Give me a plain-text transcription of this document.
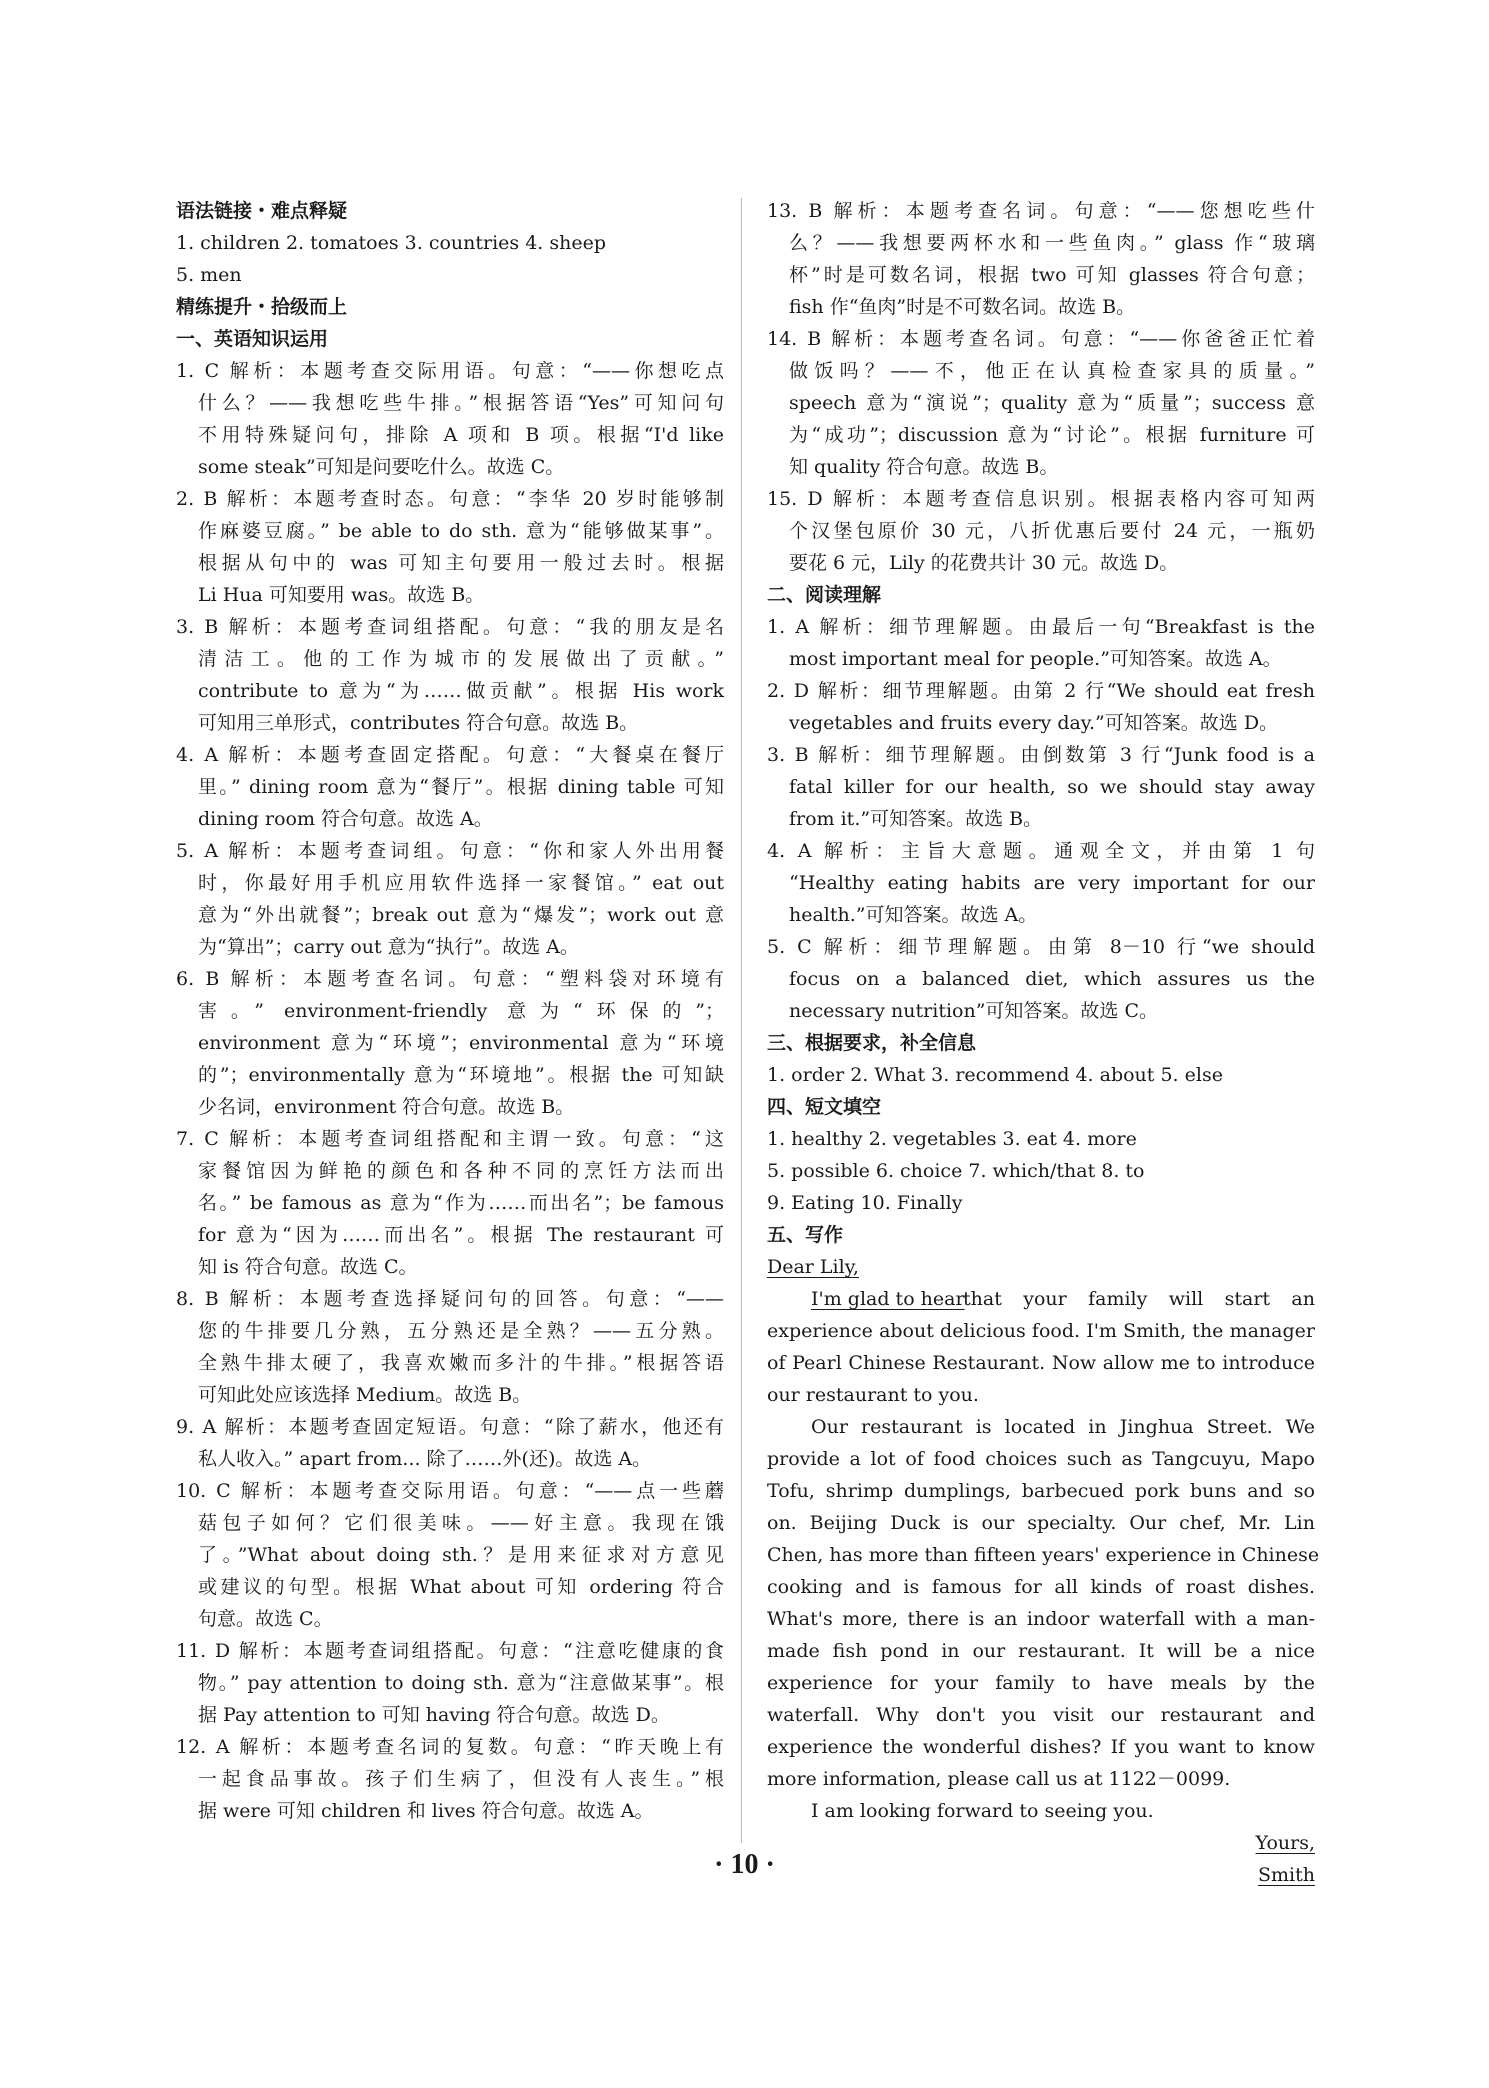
· 10 ·
语法链接・难点释疑
1. children 2. tomatoes 3. countries 4. sheep
5. men
精练提升・拾级而上
一、英语知识运用
1. C 解析：本题考查交际用语。句意：“——你想吃点
什么？——我想吃些牛排。”根据答语“Yes”可知问句
不用特殊疑问句，排除 A 项和 B 项。根据“I'd like
some steak”可知是问要吃什么。故选 C。
2. B 解析：本题考查时态。句意：“李华 20 岁时能够制
作麻婆豆腐。” be able to do sth. 意为“能够做某事”。
根据从句中的 was 可知主句要用一般过去时。根据
Li Hua 可知要用 was。故选 B。
3. B 解析：本题考查词组搭配。句意：“我的朋友是名
清洁工。他的工作为城市的发展做出了贡献。”
contribute to 意为“为……做贡献”。根据 His work
可知用三单形式，contributes 符合句意。故选 B。
4. A 解析：本题考查固定搭配。句意：“大餐桌在餐厅
里。” dining room 意为“餐厅”。根据 dining table 可知
dining room 符合句意。故选 A。
5. A 解析：本题考查词组。句意：“你和家人外出用餐
时，你最好用手机应用软件选择一家餐馆。” eat out
意为“外出就餐”；break out 意为“爆发”；work out 意
为“算出”；carry out 意为“执行”。故选 A。
6. B 解析：本题考查名词。句意：“塑料袋对环境有
害。” environment-friendly 意为“环保的”；
environment 意为“环境”；environmental 意为“环境
的”；environmentally 意为“环境地”。根据 the 可知缺
少名词，environment 符合句意。故选 B。
7. C 解析：本题考查词组搭配和主谓一致。句意：“这
家餐馆因为鲜艳的颜色和各种不同的烹饪方法而出
名。” be famous as 意为“作为……而出名”；be famous
for 意为“因为……而出名”。根据 The restaurant 可
知 is 符合句意。故选 C。
8. B 解析：本题考查选择疑问句的回答。句意：“——
您的牛排要几分熟，五分熟还是全熟？——五分熟。
全熟牛排太硬了，我喜欢嫩而多汁的牛排。”根据答语
可知此处应该选择 Medium。故选 B。
9. A 解析：本题考查固定短语。句意：“除了薪水，他还有
私人收入。” apart from... 除了……外(还)。故选 A。
10. C 解析：本题考查交际用语。句意：“——点一些蘑
菇包子如何？它们很美味。——好主意。我现在饿
了。”What about doing sth.？是用来征求对方意见
或建议的句型。根据 What about 可知 ordering 符合
句意。故选 C。
11. D 解析：本题考查词组搭配。句意：“注意吃健康的食
物。” pay attention to doing sth. 意为“注意做某事”。根
据 Pay attention to 可知 having 符合句意。故选 D。
12. A 解析：本题考查名词的复数。句意：“昨天晚上有
一起食品事故。孩子们生病了，但没有人丧生。”根
据 were 可知 children 和 lives 符合句意。故选 A。
13. B 解析：本题考查名词。句意：“——您想吃些什
么？——我想要两杯水和一些鱼肉。” glass 作“玻璃
杯”时是可数名词，根据 two 可知 glasses 符合句意；
fish 作“鱼肉”时是不可数名词。故选 B。
14. B 解析：本题考查名词。句意：“——你爸爸正忙着
做饭吗？——不，他正在认真检查家具的质量。”
speech 意为“演说”；quality 意为“质量”；success 意
为“成功”；discussion 意为“讨论”。根据 furniture 可
知 quality 符合句意。故选 B。
15. D 解析：本题考查信息识别。根据表格内容可知两
个汉堡包原价 30 元，八折优惠后要付 24 元，一瓶奶
要花 6 元，Lily 的花费共计 30 元。故选 D。
二、阅读理解
1. A 解析：细节理解题。由最后一句“Breakfast is the
most important meal for people.”可知答案。故选 A。
2. D 解析：细节理解题。由第 2 行“We should eat fresh
vegetables and fruits every day.”可知答案。故选 D。
3. B 解析：细节理解题。由倒数第 3 行“Junk food is a
fatal killer for our health, so we should stay away
from it.”可知答案。故选 B。
4. A 解析：主旨大意题。通观全文，并由第 1 句
“Healthy eating habits are very important for our
health.”可知答案。故选 A。
5. C 解析：细节理解题。由第 8－10 行“we should
focus on a balanced diet, which assures us the
necessary nutrition”可知答案。故选 C。
三、根据要求，补全信息
1. order 2. What 3. recommend 4. about 5. else
四、短文填空
1. healthy 2. vegetables 3. eat 4. more
5. possible 6. choice 7. which/that 8. to
9. Eating 10. Finally
五、写作
Dear Lily,
I'm glad to hear
that your family will start an
experience about delicious food. I'm Smith, the manager
of Pearl Chinese Restaurant. Now allow me to introduce
our restaurant to you.
Our restaurant is located in Jinghua Street. We
provide a lot of food choices such as Tangcuyu, Mapo
Tofu, shrimp dumplings, barbecued pork buns and so
on. Beijing Duck is our specialty. Our chef, Mr. Lin
Chen, has more than fifteen years' experience in Chinese
cooking and is famous for all kinds of roast dishes.
What's more, there is an indoor waterfall with a man-
made fish pond in our restaurant. It will be a nice
experience for your family to have meals by the
waterfall. Why don't you visit our restaurant and
experience the wonderful dishes? If you want to know
more information, please call us at 1122－0099.
I am looking forward to seeing you.
Yours,
Smith
